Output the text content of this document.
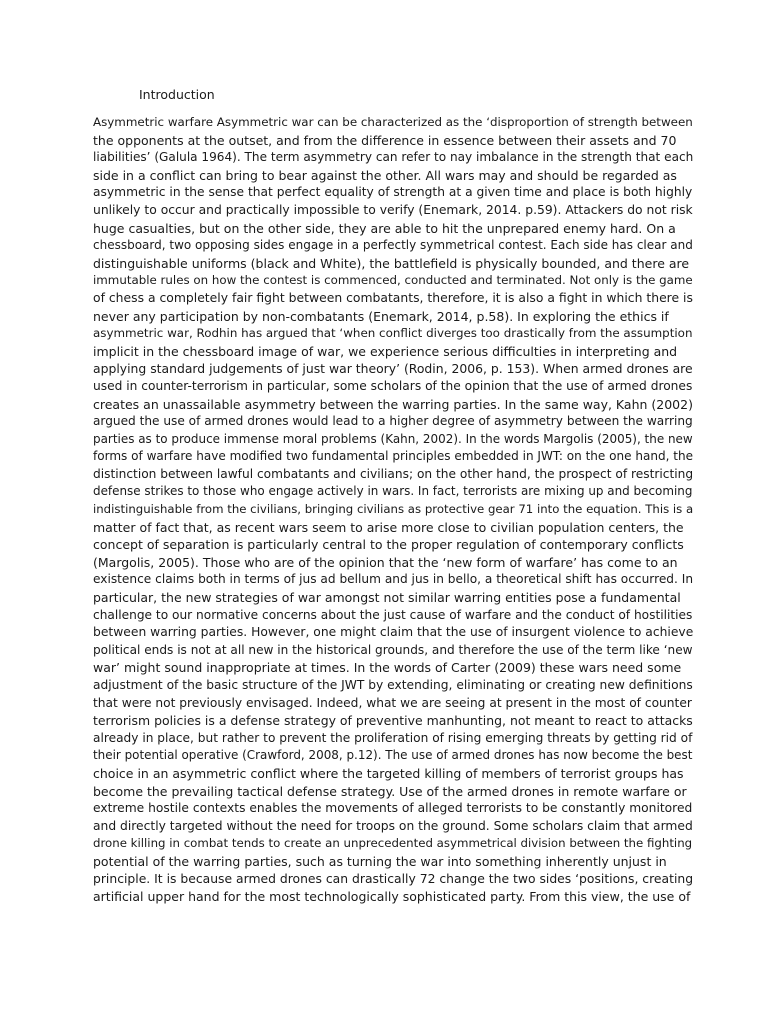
Introduction
Asymmetric warfare Asymmetric war can be characterized as the ‘disproportion of strength between
the opponents at the outset, and from the difference in essence between their assets and 70
liabilities’ (Galula 1964). The term asymmetry can refer to nay imbalance in the strength that each
side in a conflict can bring to bear against the other. All wars may and should be regarded as
asymmetric in the sense that perfect equality of strength at a given time and place is both highly
unlikely to occur and practically impossible to verify (Enemark, 2014. p.59). Attackers do not risk
huge casualties, but on the other side, they are able to hit the unprepared enemy hard. On a
chessboard, two opposing sides engage in a perfectly symmetrical contest. Each side has clear and
distinguishable uniforms (black and White), the battlefield is physically bounded, and there are
immutable rules on how the contest is commenced, conducted and terminated. Not only is the game
of chess a completely fair fight between combatants, therefore, it is also a fight in which there is
never any participation by non-combatants (Enemark, 2014, p.58). In exploring the ethics if
asymmetric war, Rodhin has argued that ‘when conflict diverges too drastically from the assumption
implicit in the chessboard image of war, we experience serious difficulties in interpreting and
applying standard judgements of just war theory’ (Rodin, 2006, p. 153). When armed drones are
used in counter-terrorism in particular, some scholars of the opinion that the use of armed drones
creates an unassailable asymmetry between the warring parties. In the same way, Kahn (2002)
argued the use of armed drones would lead to a higher degree of asymmetry between the warring
parties as to produce immense moral problems (Kahn, 2002). In the words Margolis (2005), the new
forms of warfare have modified two fundamental principles embedded in JWT: on the one hand, the
distinction between lawful combatants and civilians; on the other hand, the prospect of restricting
defense strikes to those who engage actively in wars. In fact, terrorists are mixing up and becoming
indistinguishable from the civilians, bringing civilians as protective gear 71 into the equation. This is a
matter of fact that, as recent wars seem to arise more close to civilian population centers, the
concept of separation is particularly central to the proper regulation of contemporary conflicts
(Margolis, 2005). Those who are of the opinion that the ‘new form of warfare’ has come to an
existence claims both in terms of jus ad bellum and jus in bello, a theoretical shift has occurred. In
particular, the new strategies of war amongst not similar warring entities pose a fundamental
challenge to our normative concerns about the just cause of warfare and the conduct of hostilities
between warring parties. However, one might claim that the use of insurgent violence to achieve
political ends is not at all new in the historical grounds, and therefore the use of the term like ‘new
war’ might sound inappropriate at times. In the words of Carter (2009) these wars need some
adjustment of the basic structure of the JWT by extending, eliminating or creating new definitions
that were not previously envisaged. Indeed, what we are seeing at present in the most of counter
terrorism policies is a defense strategy of preventive manhunting, not meant to react to attacks
already in place, but rather to prevent the proliferation of rising emerging threats by getting rid of
their potential operative (Crawford, 2008, p.12). The use of armed drones has now become the best
choice in an asymmetric conflict where the targeted killing of members of terrorist groups has
become the prevailing tactical defense strategy. Use of the armed drones in remote warfare or
extreme hostile contexts enables the movements of alleged terrorists to be constantly monitored
and directly targeted without the need for troops on the ground. Some scholars claim that armed
drone killing in combat tends to create an unprecedented asymmetrical division between the fighting
potential of the warring parties, such as turning the war into something inherently unjust in
principle. It is because armed drones can drastically 72 change the two sides ‘positions, creating
artificial upper hand for the most technologically sophisticated party. From this view, the use of
